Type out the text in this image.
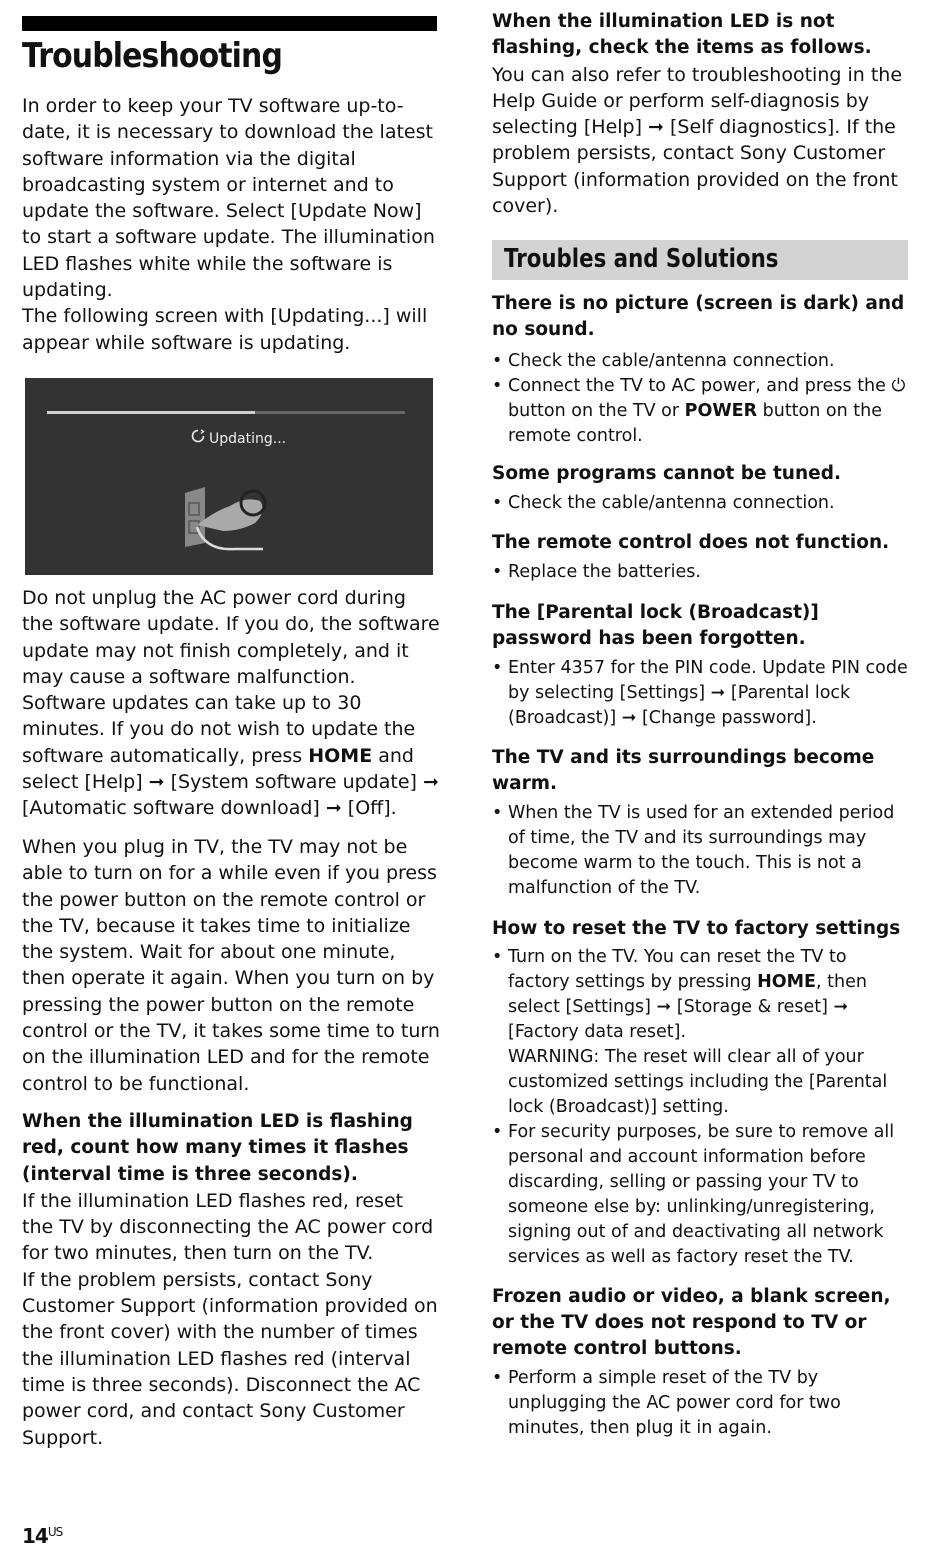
Troubleshooting

In order to keep your TV software up-to-date, it is necessary to download the latest software information via the digital broadcasting system or internet and to update the software. Select [Update Now] to start a software update. The illumination LED flashes white while the software is updating.

The following screen with [Updating...] will appear while software is updating.

Updating...

Do not unplug the AC power cord during the software update. If you do, the software update may not finish completely, and it may cause a software malfunction. Software updates can take up to 30 minutes. If you do not wish to update the software automatically, press HOME and select [Help] ➞ [System software update] ➞ [Automatic software download] ➞ [Off].

When you plug in TV, the TV may not be able to turn on for a while even if you press the power button on the remote control or the TV, because it takes time to initialize the system. Wait for about one minute, then operate it again. When you turn on by pressing the power button on the remote control or the TV, it takes some time to turn on the illumination LED and for the remote control to be functional.

When the illumination LED is flashing red, count how many times it flashes (interval time is three seconds).

If the illumination LED flashes red, reset the TV by disconnecting the AC power cord for two minutes, then turn on the TV.

If the problem persists, contact Sony Customer Support (information provided on the front cover) with the number of times the illumination LED flashes red (interval time is three seconds). Disconnect the AC power cord, and contact Sony Customer Support.

When the illumination LED is not flashing, check the items as follows.

You can also refer to troubleshooting in the Help Guide or perform self-diagnosis by selecting [Help] ➞ [Self diagnostics]. If the problem persists, contact Sony Customer Support (information provided on the front cover).

Troubles and Solutions

There is no picture (screen is dark) and no sound.

• Check the cable/antenna connection.
• Connect the TV to AC power, and press the ⏻ button on the TV or POWER button on the remote control.

Some programs cannot be tuned.

• Check the cable/antenna connection.

The remote control does not function.

• Replace the batteries.

The [Parental lock (Broadcast)] password has been forgotten.

• Enter 4357 for the PIN code. Update PIN code by selecting [Settings] ➞ [Parental lock (Broadcast)] ➞ [Change password].

The TV and its surroundings become warm.

• When the TV is used for an extended period of time, the TV and its surroundings may become warm to the touch. This is not a malfunction of the TV.

How to reset the TV to factory settings

• Turn on the TV. You can reset the TV to factory settings by pressing HOME, then select [Settings] ➞ [Storage & reset] ➞ [Factory data reset].
WARNING: The reset will clear all of your customized settings including the [Parental lock (Broadcast)] setting.
• For security purposes, be sure to remove all personal and account information before discarding, selling or passing your TV to someone else by: unlinking/unregistering, signing out of and deactivating all network services as well as factory reset the TV.

Frozen audio or video, a blank screen, or the TV does not respond to TV or remote control buttons.

• Perform a simple reset of the TV by unplugging the AC power cord for two minutes, then plug it in again.
$14^{US}$
